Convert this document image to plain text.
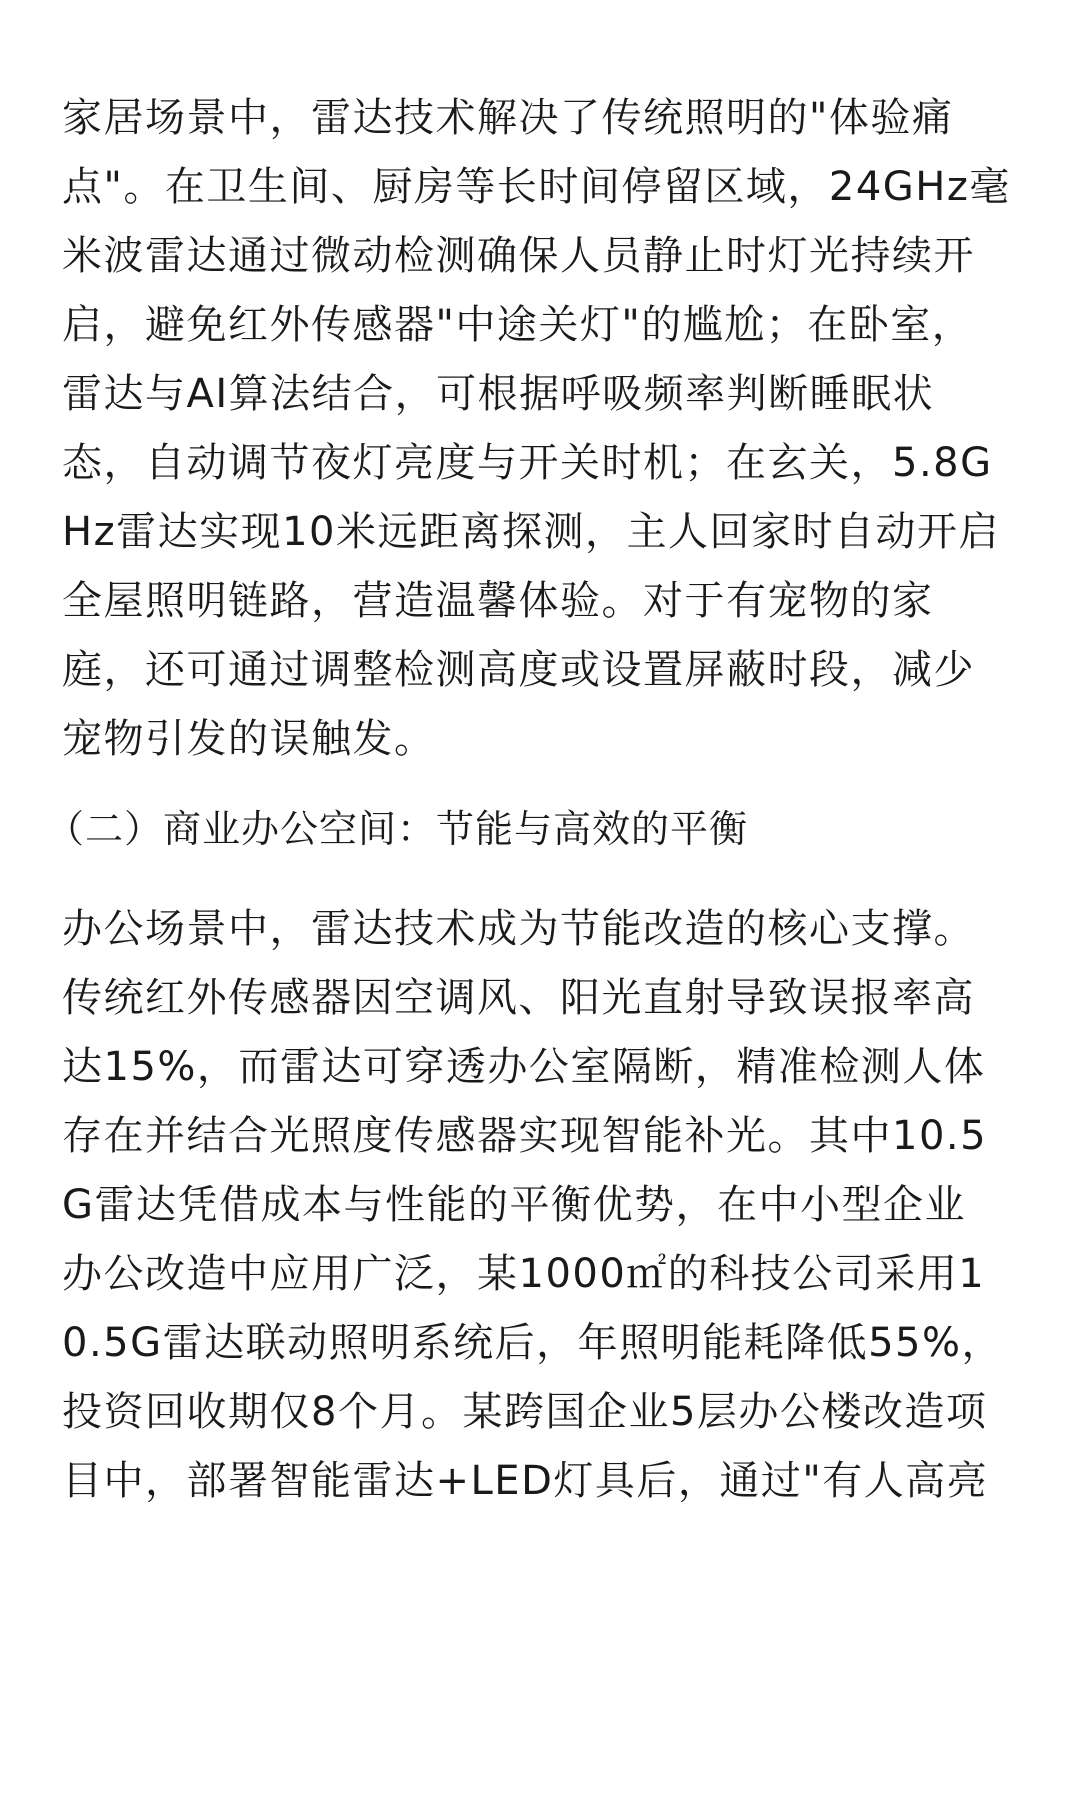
家居场景中，雷达技术解决了传统照明的"体验痛
点"。在卫生间、厨房等长时间停留区域，24GHz毫
米波雷达通过微动检测确保人员静止时灯光持续开
启，避免红外传感器"中途关灯"的尴尬；在卧室，
雷达与AI算法结合，可根据呼吸频率判断睡眠状
态，自动调节夜灯亮度与开关时机；在玄关，5.8G
Hz雷达实现10米远距离探测，主人回家时自动开启
全屋照明链路，营造温馨体验。对于有宠物的家
庭，还可通过调整检测高度或设置屏蔽时段，减少
宠物引发的误触发。

（二）商业办公空间：节能与高效的平衡

办公场景中，雷达技术成为节能改造的核心支撑。
传统红外传感器因空调风、阳光直射导致误报率高
达15%，而雷达可穿透办公室隔断，精准检测人体
存在并结合光照度传感器实现智能补光。其中10.5
G雷达凭借成本与性能的平衡优势，在中小型企业
办公改造中应用广泛，某1000㎡的科技公司采用1
0.5G雷达联动照明系统后，年照明能耗降低55%，
投资回收期仅8个月。某跨国企业5层办公楼改造项
目中，部署智能雷达+LED灯具后，通过"有人高亮
